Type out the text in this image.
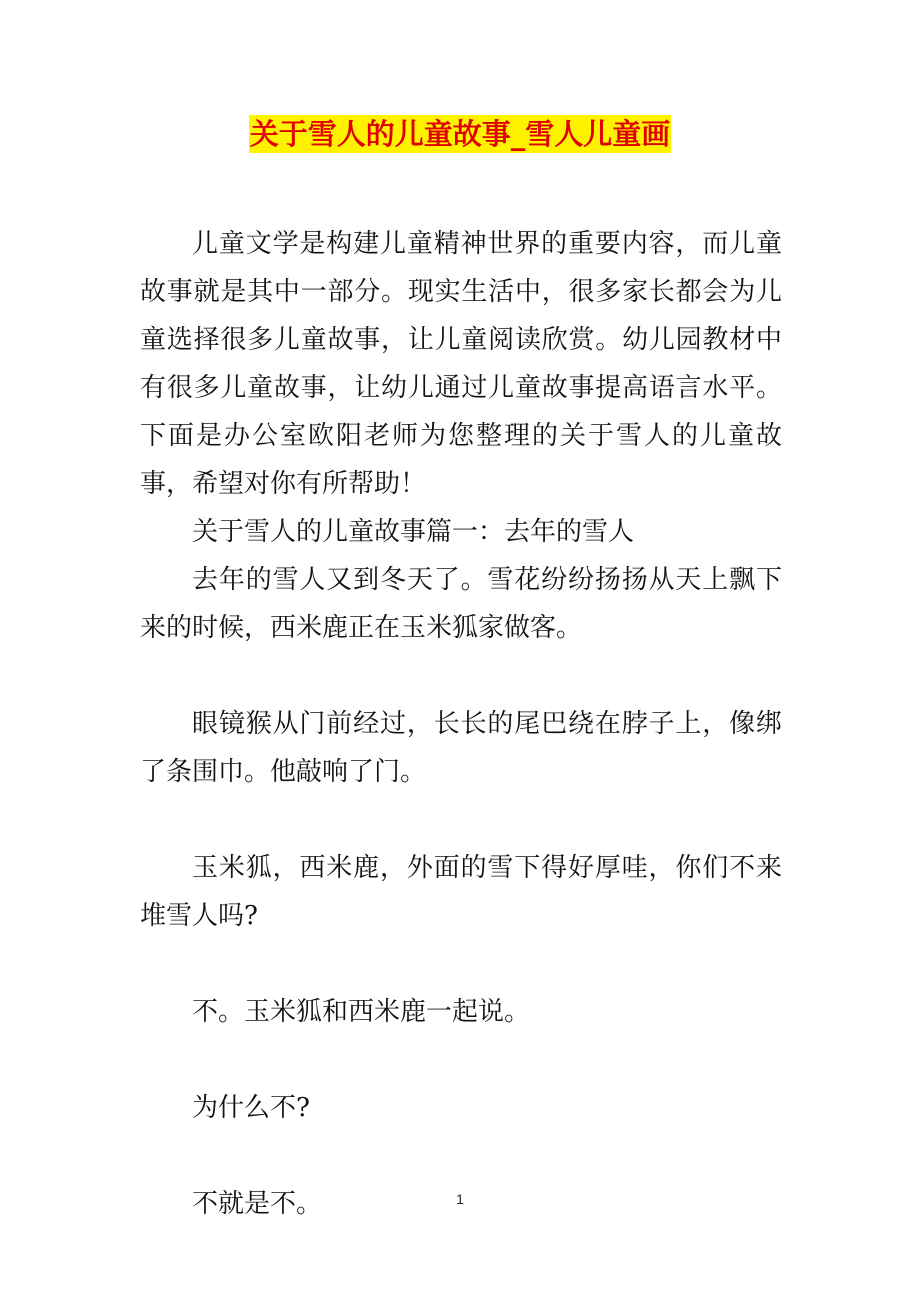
关于雪人的儿童故事_雪人儿童画

儿童文学是构建儿童精神世界的重要内容，而儿童故事就是其中一部分。现实生活中，很多家长都会为儿童选择很多儿童故事，让儿童阅读欣赏。幼儿园教材中有很多儿童故事，让幼儿通过儿童故事提高语言水平。下面是办公室欧阳老师为您整理的关于雪人的儿童故事，希望对你有所帮助！

关于雪人的儿童故事篇一：去年的雪人

去年的雪人又到冬天了。雪花纷纷扬扬从天上飘下来的时候，西米鹿正在玉米狐家做客。

眼镜猴从门前经过，长长的尾巴绕在脖子上，像绑了条围巾。他敲响了门。

玉米狐，西米鹿，外面的雪下得好厚哇，你们不来堆雪人吗?

不。玉米狐和西米鹿一起说。

为什么不?

不就是不。	1
